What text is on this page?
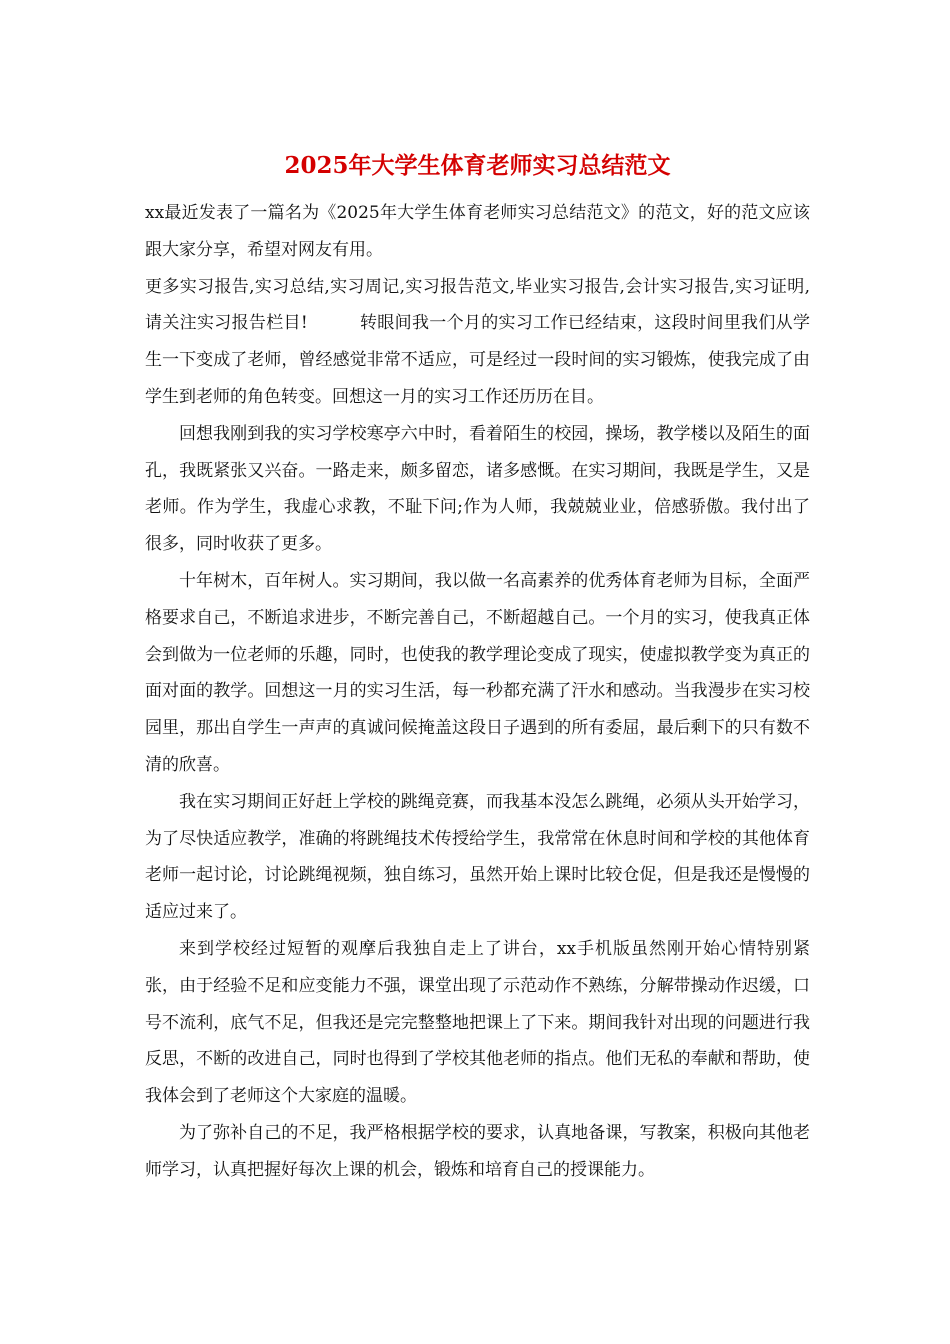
2025年大学生体育老师实习总结范文

xx最近发表了一篇名为《2025年大学生体育老师实习总结范文》的范文，好的范文应该跟大家分享，希望对网友有用。

更多实习报告,实习总结,实习周记,实习报告范文,毕业实习报告,会计实习报告,实习证明,请关注实习报告栏目!　　　转眼间我一个月的实习工作已经结束，这段时间里我们从学生一下变成了老师，曾经感觉非常不适应，可是经过一段时间的实习锻炼，使我完成了由学生到老师的角色转变。回想这一月的实习工作还历历在目。

回想我刚到我的实习学校寒亭六中时，看着陌生的校园，操场，教学楼以及陌生的面孔，我既紧张又兴奋。一路走来，颇多留恋，诸多感慨。在实习期间，我既是学生，又是老师。作为学生，我虚心求教，不耻下问;作为人师，我兢兢业业，倍感骄傲。我付出了很多，同时收获了更多。

十年树木，百年树人。实习期间，我以做一名高素养的优秀体育老师为目标，全面严格要求自己，不断追求进步，不断完善自己，不断超越自己。一个月的实习，使我真正体会到做为一位老师的乐趣，同时，也使我的教学理论变成了现实，使虚拟教学变为真正的面对面的教学。回想这一月的实习生活，每一秒都充满了汗水和感动。当我漫步在实习校园里，那出自学生一声声的真诚问候掩盖这段日子遇到的所有委屈，最后剩下的只有数不清的欣喜。

我在实习期间正好赶上学校的跳绳竞赛，而我基本没怎么跳绳，必须从头开始学习，为了尽快适应教学，准确的将跳绳技术传授给学生，我常常在休息时间和学校的其他体育老师一起讨论，讨论跳绳视频，独自练习，虽然开始上课时比较仓促，但是我还是慢慢的适应过来了。

来到学校经过短暂的观摩后我独自走上了讲台，xx手机版虽然刚开始心情特别紧张，由于经验不足和应变能力不强，课堂出现了示范动作不熟练，分解带操动作迟缓，口号不流利，底气不足，但我还是完完整整地把课上了下来。期间我针对出现的问题进行我反思，不断的改进自己，同时也得到了学校其他老师的指点。他们无私的奉献和帮助，使我体会到了老师这个大家庭的温暖。

为了弥补自己的不足，我严格根据学校的要求，认真地备课，写教案，积极向其他老师学习，认真把握好每次上课的机会，锻炼和培育自己的授课能力。
